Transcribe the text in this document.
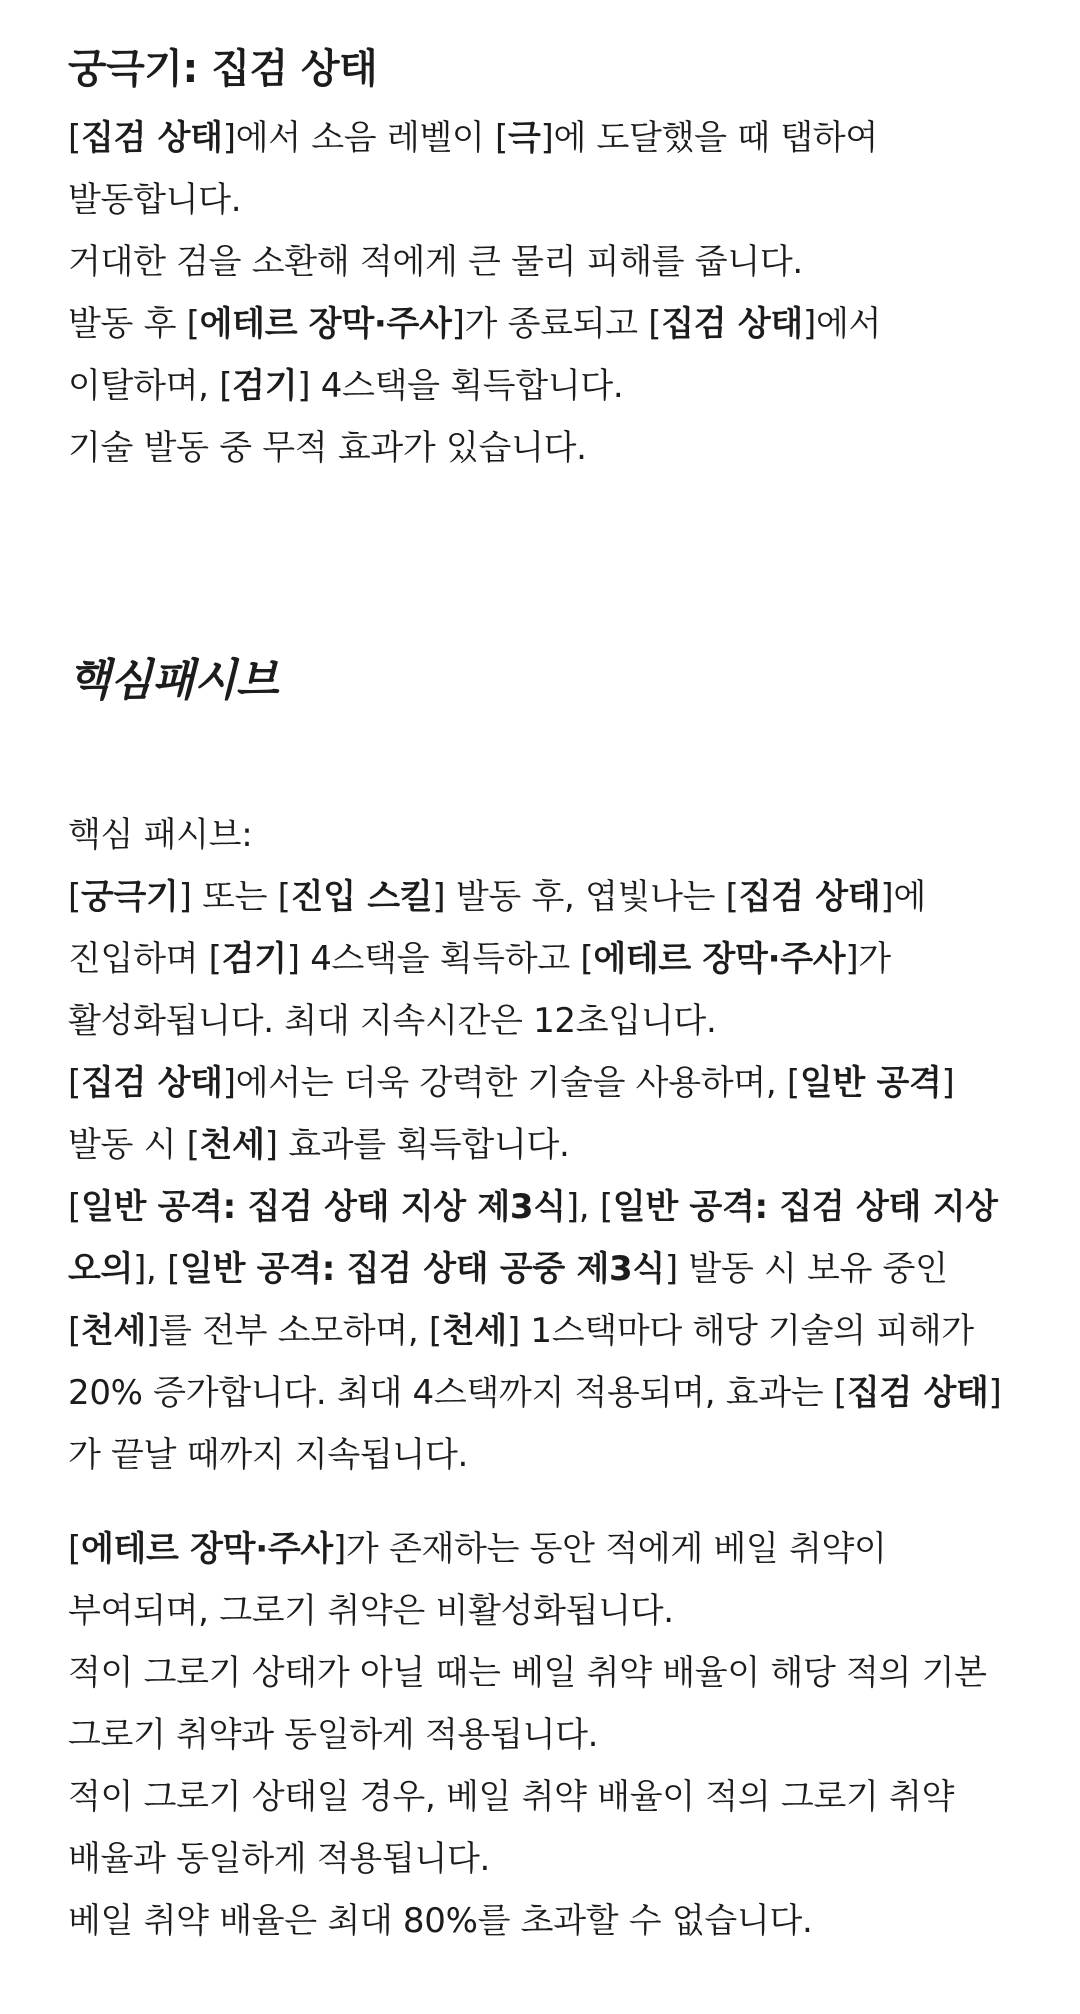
궁극기: 집검 상태

[집검 상태]에서 소음 레벨이 [극]에 도달했을 때 탭하여 발동합니다.

거대한 검을 소환해 적에게 큰 물리 피해를 줍니다.

발동 후 [에테르 장막·주사]가 종료되고 [집검 상태]에서 이탈하며, [검기] 4스택을 획득합니다.

기술 발동 중 무적 효과가 있습니다.

핵심패시브

핵심 패시브:

[궁극기] 또는 [진입 스킬] 발동 후, 엽빛나는 [집검 상태]에 진입하며 [검기] 4스택을 획득하고 [에테르 장막·주사]가 활성화됩니다. 최대 지속시간은 12초입니다.

[집검 상태]에서는 더욱 강력한 기술을 사용하며, [일반 공격] 발동 시 [천세] 효과를 획득합니다.

[일반 공격: 집검 상태 지상 제3식], [일반 공격: 집검 상태 지상 오의], [일반 공격: 집검 상태 공중 제3식] 발동 시 보유 중인 [천세]를 전부 소모하며, [천세] 1스택마다 해당 기술의 피해가 20% 증가합니다. 최대 4스택까지 적용되며, 효과는 [집검 상태]가 끝날 때까지 지속됩니다.

[에테르 장막·주사]가 존재하는 동안 적에게 베일 취약이 부여되며, 그로기 취약은 비활성화됩니다.

적이 그로기 상태가 아닐 때는 베일 취약 배율이 해당 적의 기본 그로기 취약과 동일하게 적용됩니다.

적이 그로기 상태일 경우, 베일 취약 배율이 적의 그로기 취약 배율과 동일하게 적용됩니다.

베일 취약 배율은 최대 80%를 초과할 수 없습니다.
